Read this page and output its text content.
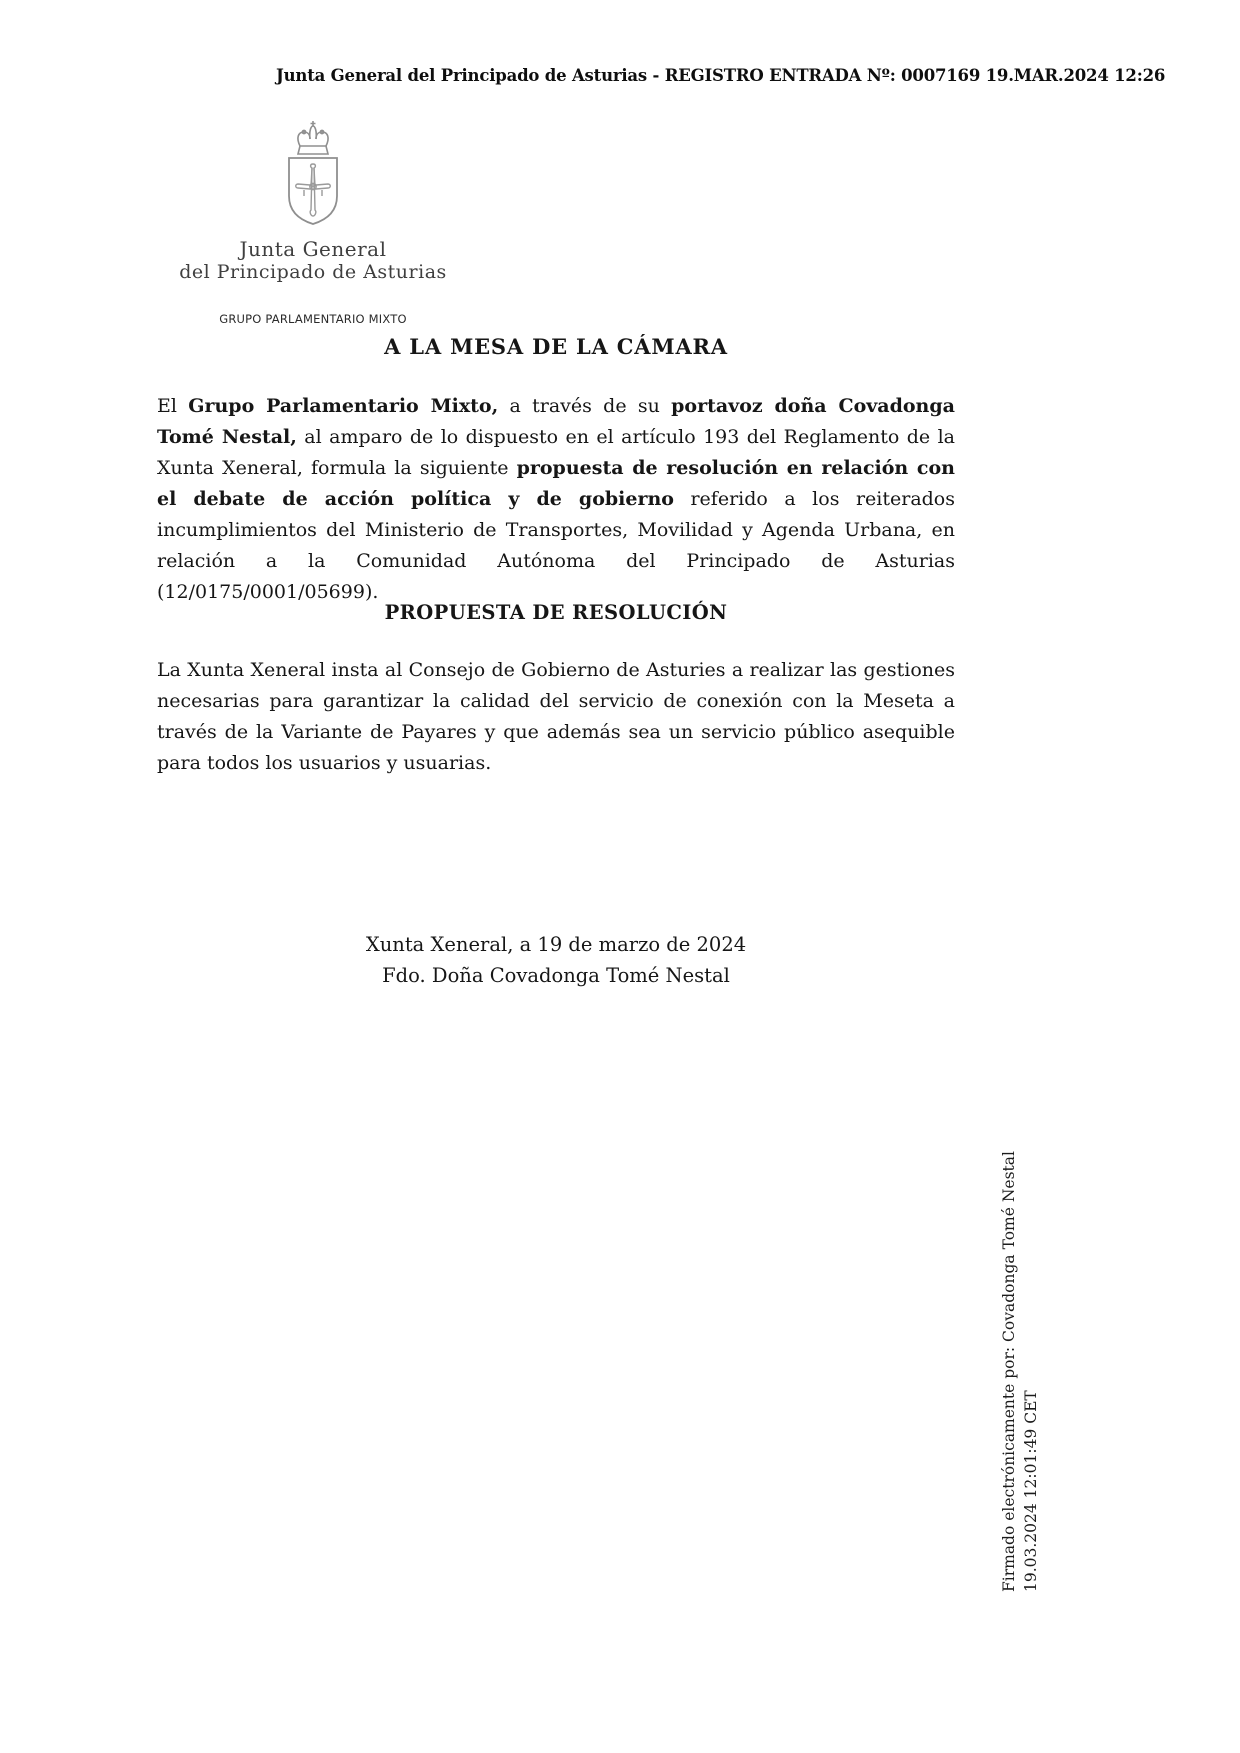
Junta General del Principado de Asturias - REGISTRO ENTRADA Nº: 0007169 19.MAR.2024 12:26
Junta General
del Principado de Asturias
GRUPO PARLAMENTARIO MIXTO
A LA MESA DE LA CÁMARA
El Grupo Parlamentario Mixto, a través de su portavoz doña Covadonga Tomé Nestal, al amparo de lo dispuesto en el artículo 193 del Reglamento de la Xunta Xeneral, formula la siguiente propuesta de resolución en relación con el debate de acción política y de gobierno referido a los reiterados incumplimientos del Ministerio de Transportes, Movilidad y Agenda Urbana, en relación a la Comunidad Autónoma del Principado de Asturias (12/0175/0001/05699).
PROPUESTA DE RESOLUCIÓN
La Xunta Xeneral insta al Consejo de Gobierno de Asturies a realizar las gestiones necesarias para garantizar la calidad del servicio de conexión con la Meseta a través de la Variante de Payares y que además sea un servicio público asequible para todos los usuarios y usuarias.
Xunta Xeneral, a 19 de marzo de 2024
Fdo. Doña Covadonga Tomé Nestal
Firmado electrónicamente por: Covadonga Tomé Nestal 19.03.2024 12:01:49 CET
